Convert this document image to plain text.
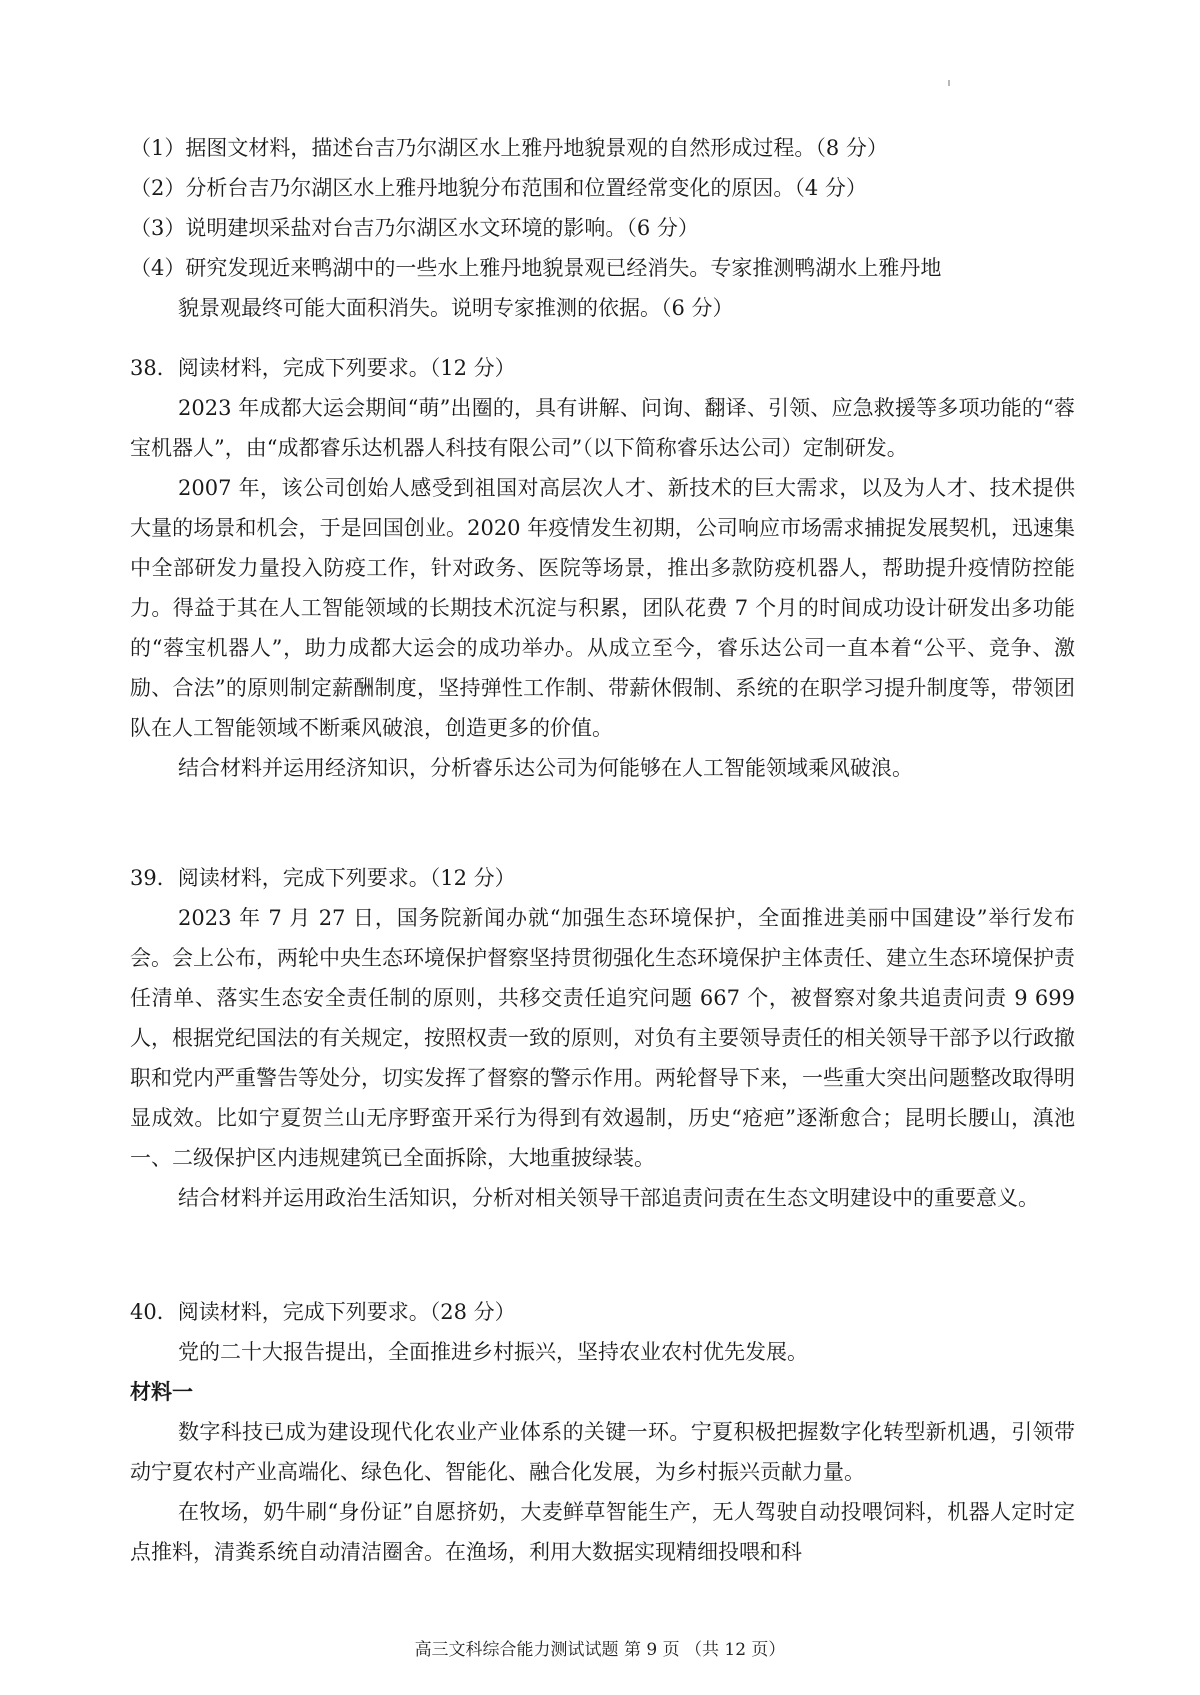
（1）据图文材料，描述台吉乃尔湖区水上雅丹地貌景观的自然形成过程。（8 分）
（2）分析台吉乃尔湖区水上雅丹地貌分布范围和位置经常变化的原因。（4 分）
（3）说明建坝采盐对台吉乃尔湖区水文环境的影响。（6 分）
（4）研究发现近来鸭湖中的一些水上雅丹地貌景观已经消失。专家推测鸭湖水上雅丹地
貌景观最终可能大面积消失。说明专家推测的依据。（6 分）
38．阅读材料，完成下列要求。（12 分）
2023 年成都大运会期间“萌”出圈的，具有讲解、问询、翻译、引领、应急救援等多项功能的“蓉宝机器人”，由“成都睿乐达机器人科技有限公司”（以下简称睿乐达公司）定制研发。
2007 年，该公司创始人感受到祖国对高层次人才、新技术的巨大需求，以及为人才、技术提供大量的场景和机会，于是回国创业。2020 年疫情发生初期，公司响应市场需求捕捉发展契机，迅速集中全部研发力量投入防疫工作，针对政务、医院等场景，推出多款防疫机器人，帮助提升疫情防控能力。得益于其在人工智能领域的长期技术沉淀与积累，团队花费 7 个月的时间成功设计研发出多功能的“蓉宝机器人”，助力成都大运会的成功举办。从成立至今，睿乐达公司一直本着“公平、竞争、激励、合法”的原则制定薪酬制度，坚持弹性工作制、带薪休假制、系统的在职学习提升制度等，带领团队在人工智能领域不断乘风破浪，创造更多的价值。
结合材料并运用经济知识，分析睿乐达公司为何能够在人工智能领域乘风破浪。
39．阅读材料，完成下列要求。（12 分）
2023 年 7 月 27 日，国务院新闻办就“加强生态环境保护，全面推进美丽中国建设”举行发布会。会上公布，两轮中央生态环境保护督察坚持贯彻强化生态环境保护主体责任、建立生态环境保护责任清单、落实生态安全责任制的原则，共移交责任追究问题 667 个，被督察对象共追责问责 9 699 人，根据党纪国法的有关规定，按照权责一致的原则，对负有主要领导责任的相关领导干部予以行政撤职和党内严重警告等处分，切实发挥了督察的警示作用。两轮督导下来，一些重大突出问题整改取得明显成效。比如宁夏贺兰山无序野蛮开采行为得到有效遏制，历史“疮疤”逐渐愈合；昆明长腰山，滇池一、二级保护区内违规建筑已全面拆除，大地重披绿装。
结合材料并运用政治生活知识，分析对相关领导干部追责问责在生态文明建设中的重要意义。
40．阅读材料，完成下列要求。（28 分）
党的二十大报告提出，全面推进乡村振兴，坚持农业农村优先发展。
材料一
数字科技已成为建设现代化农业产业体系的关键一环。宁夏积极把握数字化转型新机遇，引领带动宁夏农村产业高端化、绿色化、智能化、融合化发展，为乡村振兴贡献力量。
在牧场，奶牛刷“身份证”自愿挤奶，大麦鲜草智能生产，无人驾驶自动投喂饲料，机器人定时定点推料，清粪系统自动清洁圈舍。在渔场，利用大数据实现精细投喂和科
高三文科综合能力测试试题 第 9 页 （共 12 页）
